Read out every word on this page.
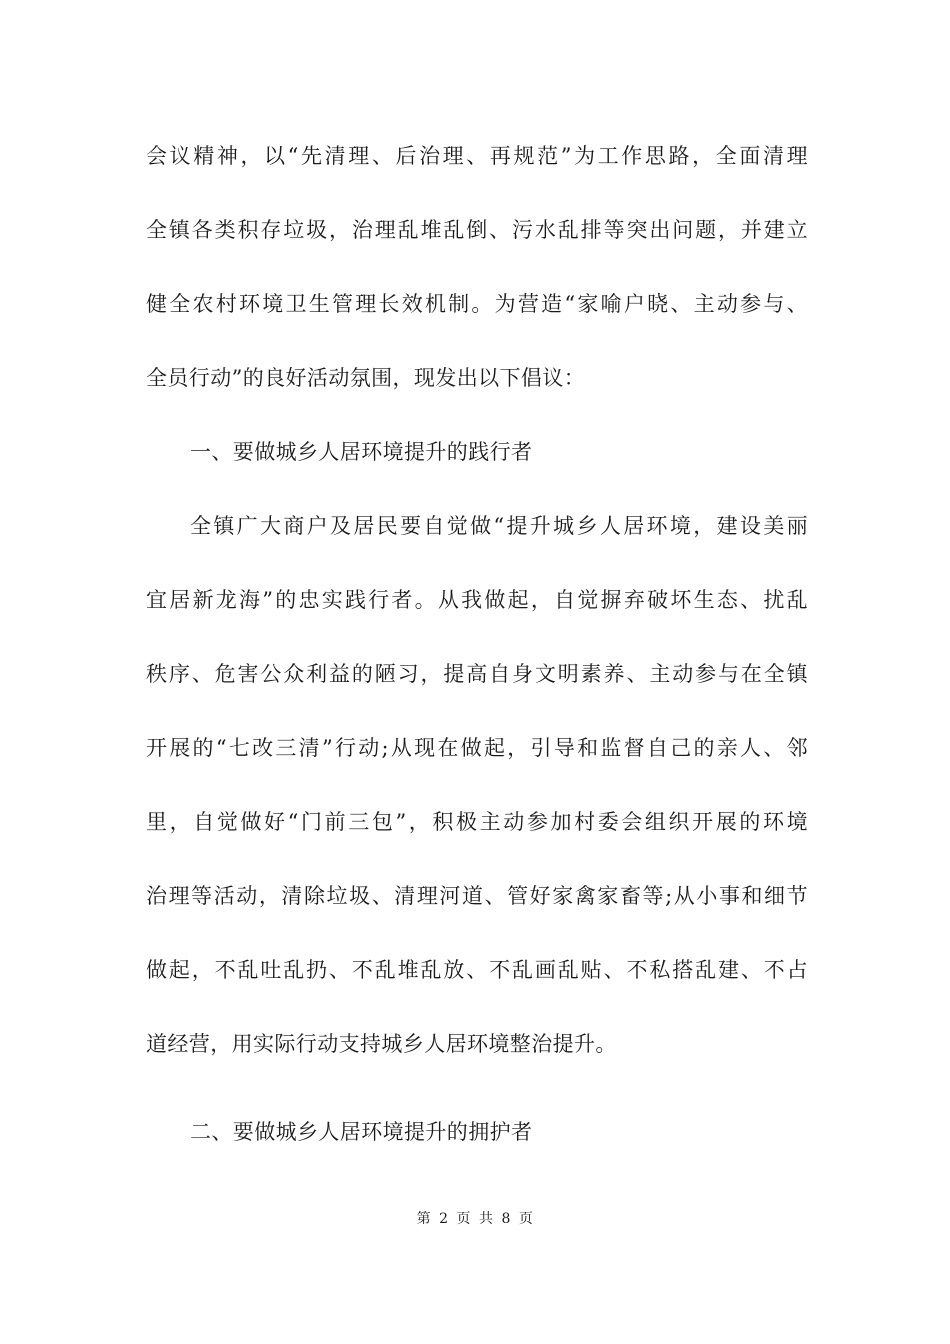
会议精神，以“先清理、后治理、再规范”为工作思路，全面清理
全镇各类积存垃圾，治理乱堆乱倒、污水乱排等突出问题，并建立
健全农村环境卫生管理长效机制。为营造“家喻户晓、主动参与、
全员行动”的良好活动氛围，现发出以下倡议：
一、要做城乡人居环境提升的践行者
全镇广大商户及居民要自觉做“提升城乡人居环境，建设美丽
宜居新龙海”的忠实践行者。从我做起，自觉摒弃破坏生态、扰乱
秩序、危害公众利益的陋习，提高自身文明素养、主动参与在全镇
开展的“七改三清”行动;从现在做起，引导和监督自己的亲人、邻
里，自觉做好“门前三包”，积极主动参加村委会组织开展的环境
治理等活动，清除垃圾、清理河道、管好家禽家畜等;从小事和细节
做起，不乱吐乱扔、不乱堆乱放、不乱画乱贴、不私搭乱建、不占
道经营，用实际行动支持城乡人居环境整治提升。
二、要做城乡人居环境提升的拥护者
第 2 页 共 8 页
